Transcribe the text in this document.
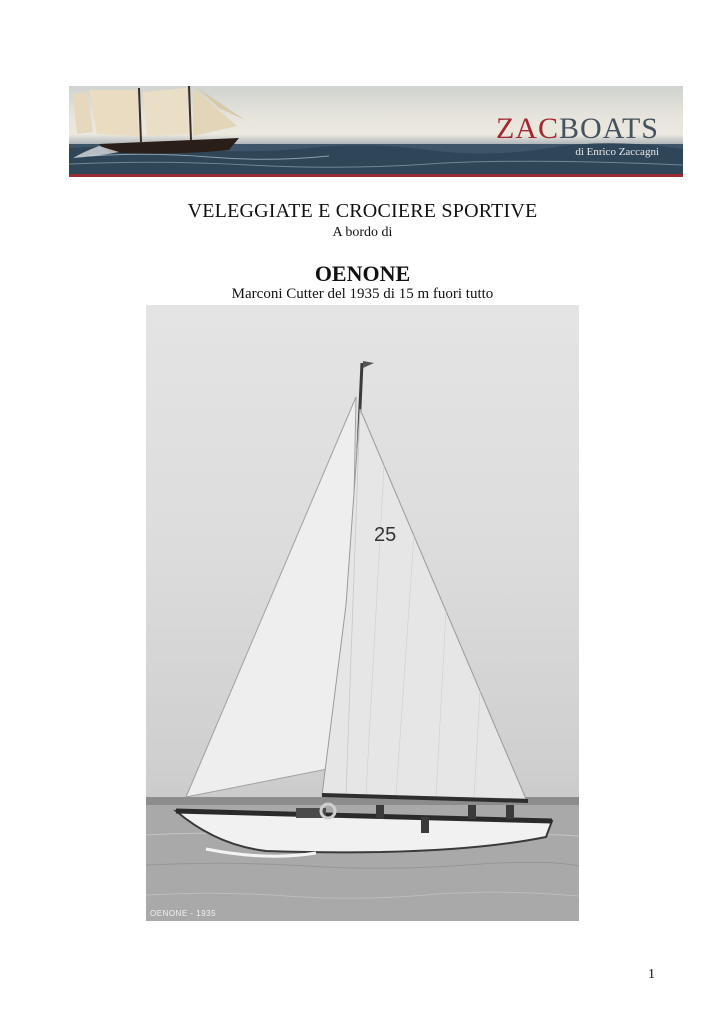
ZACBOATS
di Enrico Zaccagni
VELEGGIATE E CROCIERE SPORTIVE
A bordo di
OENONE
Marconi Cutter del 1935 di 15 m fuori tutto
25
OENONE - 1935
1
